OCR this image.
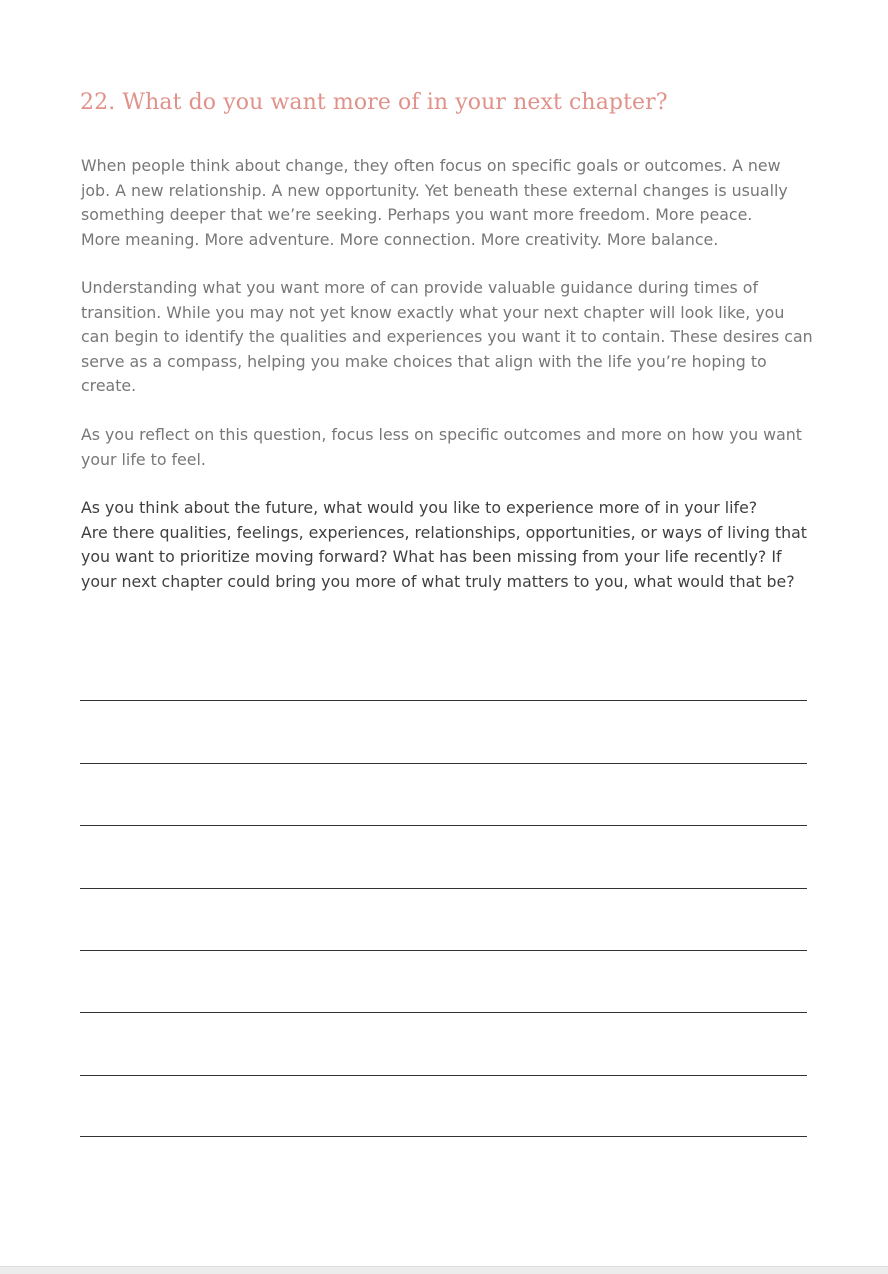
22. What do you want more of in your next chapter?

When people think about change, they often focus on specific goals or outcomes. A new
job. A new relationship. A new opportunity. Yet beneath these external changes is usually
something deeper that we’re seeking. Perhaps you want more freedom. More peace.
More meaning. More adventure. More connection. More creativity. More balance.

Understanding what you want more of can provide valuable guidance during times of
transition. While you may not yet know exactly what your next chapter will look like, you
can begin to identify the qualities and experiences you want it to contain. These desires can
serve as a compass, helping you make choices that align with the life you’re hoping to
create.

As you reflect on this question, focus less on specific outcomes and more on how you want
your life to feel.

As you think about the future, what would you like to experience more of in your life?
Are there qualities, feelings, experiences, relationships, opportunities, or ways of living that
you want to prioritize moving forward? What has been missing from your life recently? If
your next chapter could bring you more of what truly matters to you, what would that be?
